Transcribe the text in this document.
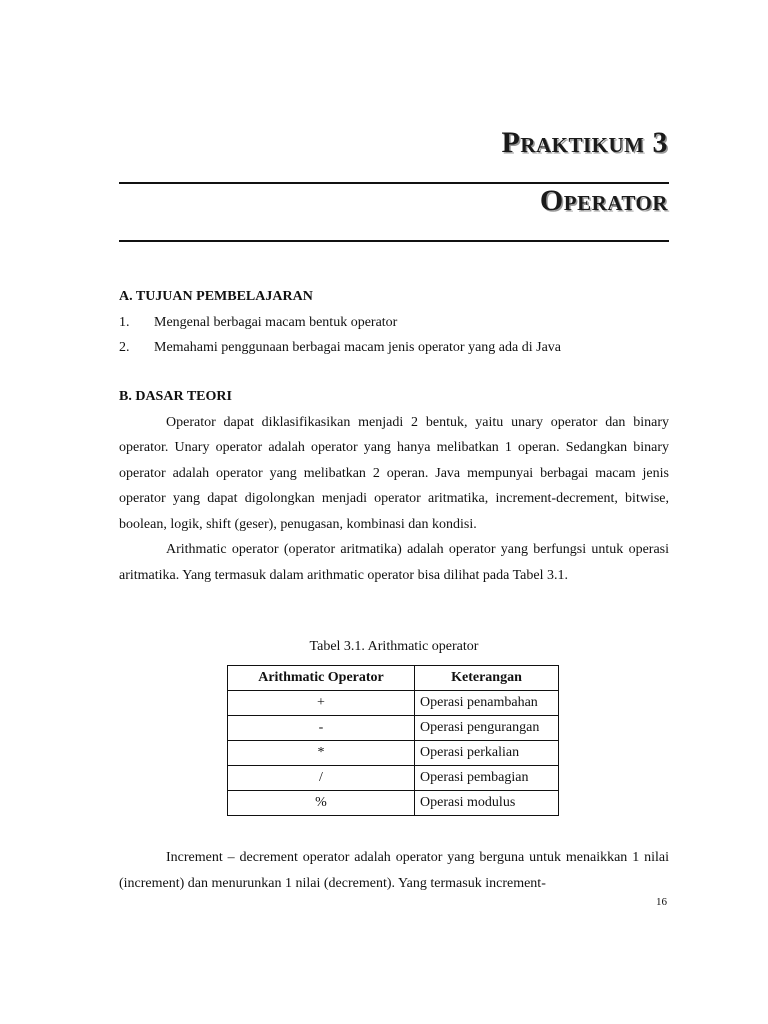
Praktikum 3
Operator

A. TUJUAN PEMBELAJARAN

1.	Mengenal berbagai macam bentuk operator
2.	Memahami penggunaan berbagai macam jenis operator yang ada di Java

B. DASAR TEORI

Operator dapat diklasifikasikan menjadi 2 bentuk, yaitu unary operator dan binary operator. Unary operator adalah operator yang hanya melibatkan 1 operan. Sedangkan binary operator adalah operator yang melibatkan 2 operan. Java mempunyai berbagai macam jenis operator yang dapat digolongkan menjadi operator aritmatika, increment-decrement, bitwise, boolean, logik, shift (geser), penugasan, kombinasi dan kondisi.

Arithmatic operator (operator aritmatika) adalah operator yang berfungsi untuk operasi aritmatika. Yang termasuk dalam arithmatic operator bisa dilihat pada Tabel 3.1.

Tabel 3.1. Arithmatic operator
Arithmatic Operator	Keterangan
+	Operasi penambahan
-	Operasi pengurangan
*	Operasi perkalian
/	Operasi pembagian
%	Operasi modulus

Increment – decrement operator adalah operator yang berguna untuk menaikkan 1 nilai (increment) dan menurunkan 1 nilai (decrement). Yang termasuk increment-

16
